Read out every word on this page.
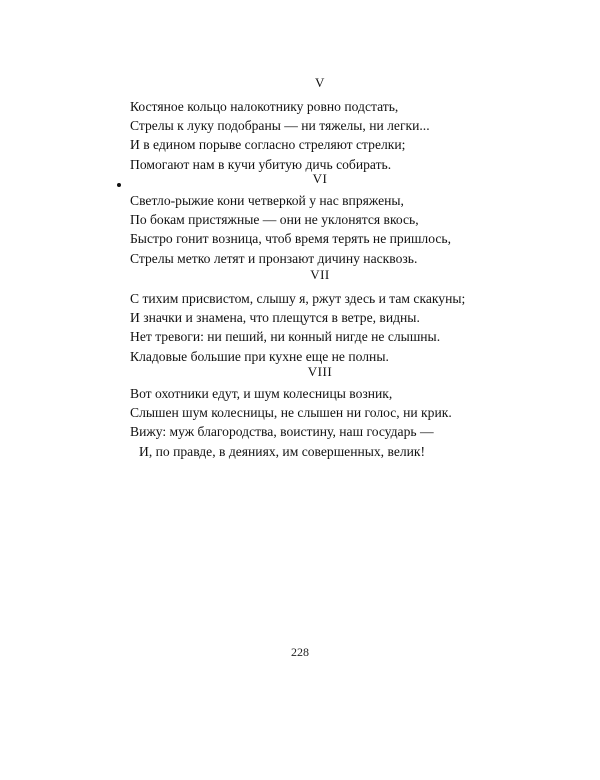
V
Костяное кольцо налокотнику ровно подстать,
Стрелы к луку подобраны — ни тяжелы, ни легки...
И в едином порыве согласно стреляют стрелки;
Помогают нам в кучи убитую дичь собирать.
VI
Светло-рыжие кони четверкой у нас впряжены,
По бокам пристяжные — они не уклонятся вкось,
Быстро гонит возница, чтоб время терять не пришлось,
Стрелы метко летят и пронзают дичину насквозь.
VII
С тихим присвистом, слышу я, ржут здесь и там скакуны;
И значки и знамена, что плещутся в ветре, видны.
Нет тревоги: ни пеший, ни конный нигде не слышны.
Кладовые большие при кухне еще не полны.
VIII
Вот охотники едут, и шум колесницы возник,
Слышен шум колесницы, не слышен ни голос, ни крик.
Вижу: муж благородства, воистину, наш государь —
И, по правде, в деяниях, им совершенных, велик!
228
